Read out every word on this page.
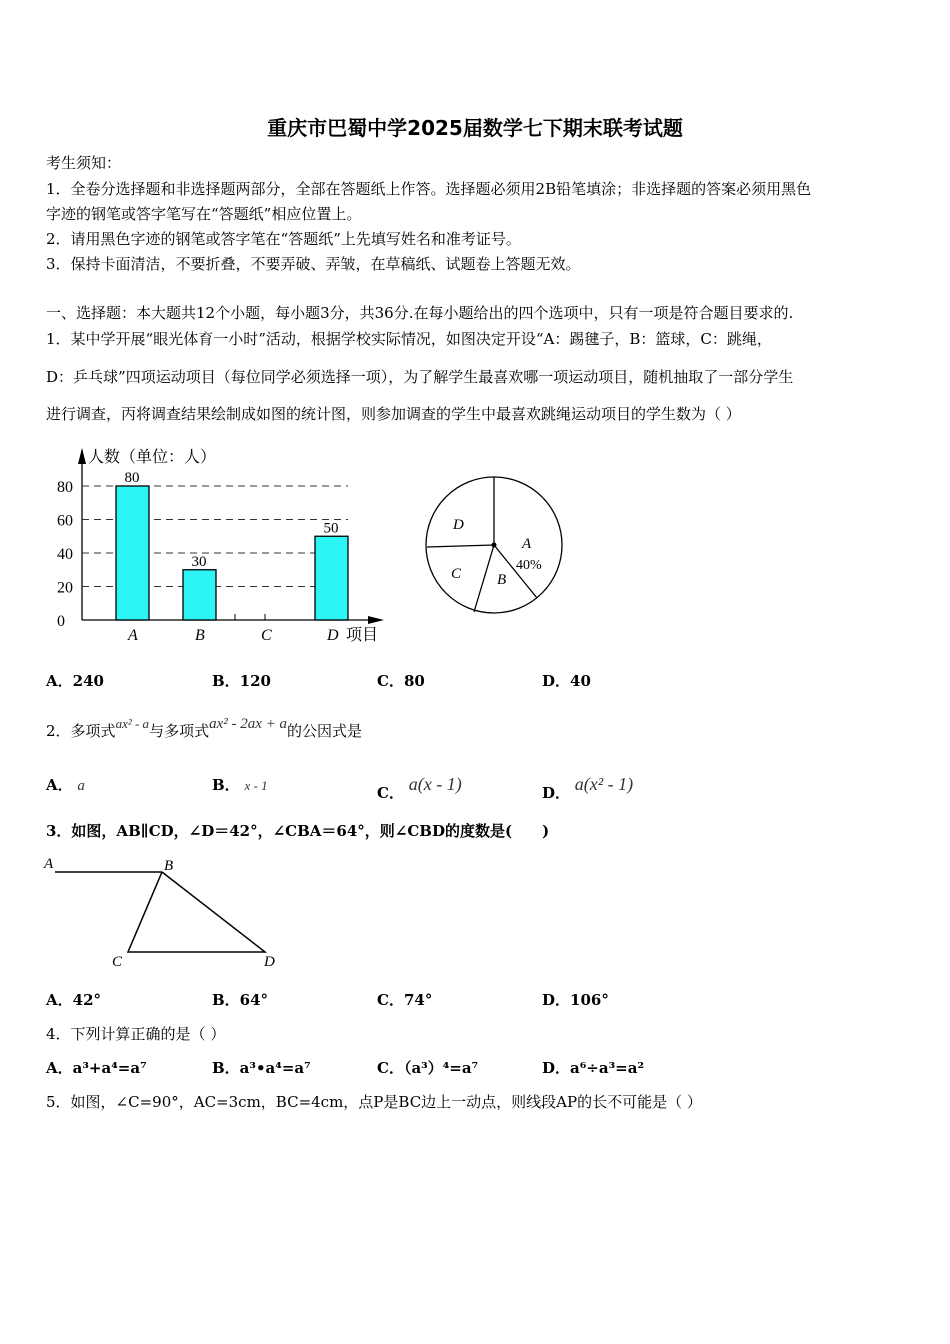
重庆市巴蜀中学2025届数学七下期末联考试题
考生须知：
1．全卷分选择题和非选择题两部分，全部在答题纸上作答。选择题必须用2B铅笔填涂；非选择题的答案必须用黑色
字迹的钢笔或答字笔写在“答题纸”相应位置上。
2．请用黑色字迹的钢笔或答字笔在“答题纸”上先填写姓名和准考证号。
3．保持卡面清洁，不要折叠，不要弄破、弄皱，在草稿纸、试题卷上答题无效。
一、选择题：本大题共12个小题，每小题3分，共36分.在每小题给出的四个选项中，只有一项是符合题目要求的.
1．某中学开展“眼光体育一小时”活动，根据学校实际情况，如图决定开设“A：踢毽子，B：篮球，C：跳绳，
D：乒乓球”四项运动项目（每位同学必须选择一项），为了解学生最喜欢哪一项运动项目，随机抽取了一部分学生
进行调查，丙将调查结果绘制成如图的统计图，则参加调查的学生中最喜欢跳绳运动项目的学生数为（ ）
人数（单位：人）
项目
0
20
40
60
80
80
A
30
B	C
50
D
A
40%
B
C
D
A．240	B．120	C．80	D．40
2．多项式ax² - a与多项式ax² - 2ax + a的公因式是
A． a	B． x - 1	C． a(x - 1)	D． a(x² - 1)
3．如图，AB∥CD，∠D＝42°，∠CBA＝64°，则∠CBD的度数是(　　)
A	B
C	D
A．42°	B．64°	C．74°	D．106°
4．下列计算正确的是（ ）
A．a³+a⁴=a⁷	B．a³•a⁴=a⁷	C．（a³）⁴=a⁷	D．a⁶÷a³=a²
5．如图，∠C=90°，AC=3cm，BC=4cm，点P是BC边上一动点，则线段AP的长不可能是（ ）
